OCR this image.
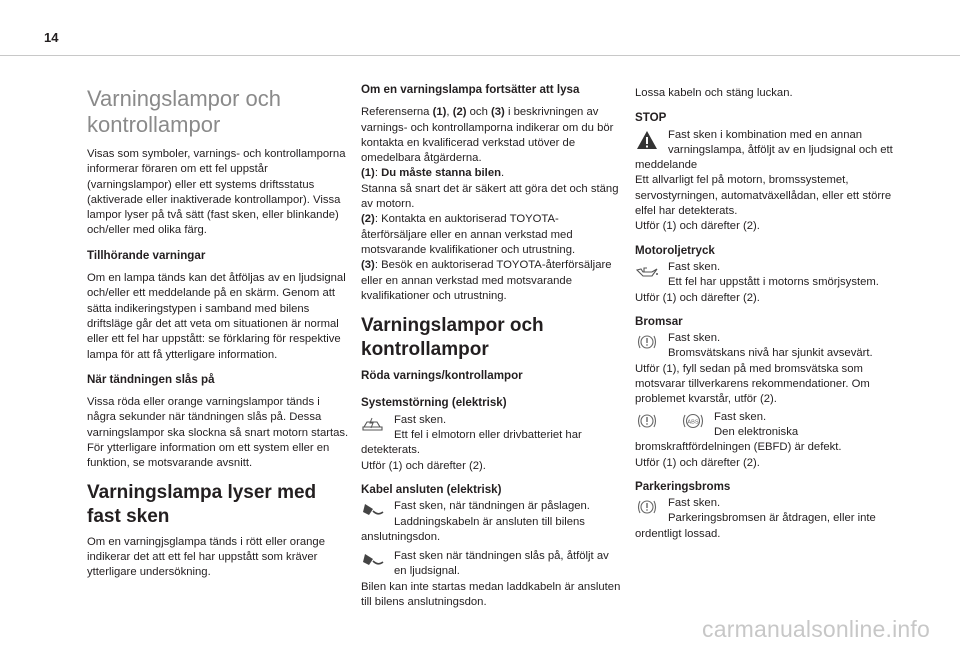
14
Varningslampor och kontrollampor

Visas som symboler, varnings- och kontrollamporna informerar föraren om ett fel uppstår (varningslampor) eller ett systems driftsstatus (aktiverade eller inaktiverade kontrollampor). Vissa lampor lyser på två sätt (fast sken, eller blinkande) och/eller med olika färg.

Tillhörande varningar

Om en lampa tänds kan det åtföljas av en ljudsignal och/eller ett meddelande på en skärm. Genom att sätta indikeringstypen i samband med bilens driftsläge går det att veta om situationen är normal eller ett fel har uppstått: se förklaring för respektive lampa för att få ytterligare information.

När tändningen slås på

Vissa röda eller orange varningslampor tänds i några sekunder när tändningen slås på. Dessa varningslampor ska slockna så snart motorn startas.

För ytterligare information om ett system eller en funktion, se motsvarande avsnitt.

Varningslampa lyser med fast sken

Om en varningjsglampa tänds i rött eller orange indikerar det att ett fel har uppstått som kräver ytterligare undersökning.

Om en varningslampa fortsätter att lysa

Referenserna (1), (2) och (3) i beskrivningen av varnings- och kontrollamporna indikerar om du bör kontakta en kvalificerad verkstad utöver de omedelbara åtgärderna.
(1): Du måste stanna bilen.
Stanna så snart det är säkert att göra det och stäng av motorn.
(2): Kontakta en auktoriserad TOYOTA-återförsäljare eller en annan verkstad med motsvarande kvalifikationer och utrustning.
(3): Besök en auktoriserad TOYOTA-återförsäljare eller en annan verkstad med motsvarande kvalifikationer och utrustning.

Varningslampor och kontrollampor
Röda varnings/kontrollampor
Systemstörning (elektrisk)
Fast sken.
Ett fel i elmotorn eller drivbatteriet har detekterats.
Utför (1) och därefter (2).
Kabel ansluten (elektrisk)
Fast sken, när tändningen är påslagen. Laddningskabeln är ansluten till bilens anslutningsdon.
Fast sken när tändningen slås på, åtföljt av en ljudsignal.
Bilen kan inte startas medan laddkabeln är ansluten till bilens anslutningsdon.

Lossa kabeln och stäng luckan.

STOP
Fast sken i kombination med en annan varningslampa, åtföljt av en ljudsignal och ett meddelande
Ett allvarligt fel på motorn, bromssystemet, servostyrningen, automatväxellådan, eller ett större elfel har detekterats.
Utför (1) och därefter (2).
Motoroljetryck
Fast sken.
Ett fel har uppstått i motorns smörjsystem.
Utför (1) och därefter (2).
Bromsar
Fast sken.
Bromsvätskans nivå har sjunkit avsevärt.
Utför (1), fyll sedan på med bromsvätska som motsvarar tillverkarens rekommendationer. Om problemet kvarstår, utför (2).
ABS	Fast sken.
Den elektroniska bromskraftfördelningen (EBFD) är defekt.
Utför (1) och därefter (2).
Parkeringsbroms
Fast sken.
Parkeringsbromsen är åtdragen, eller inte ordentligt lossad.
carmanualsonline.info
